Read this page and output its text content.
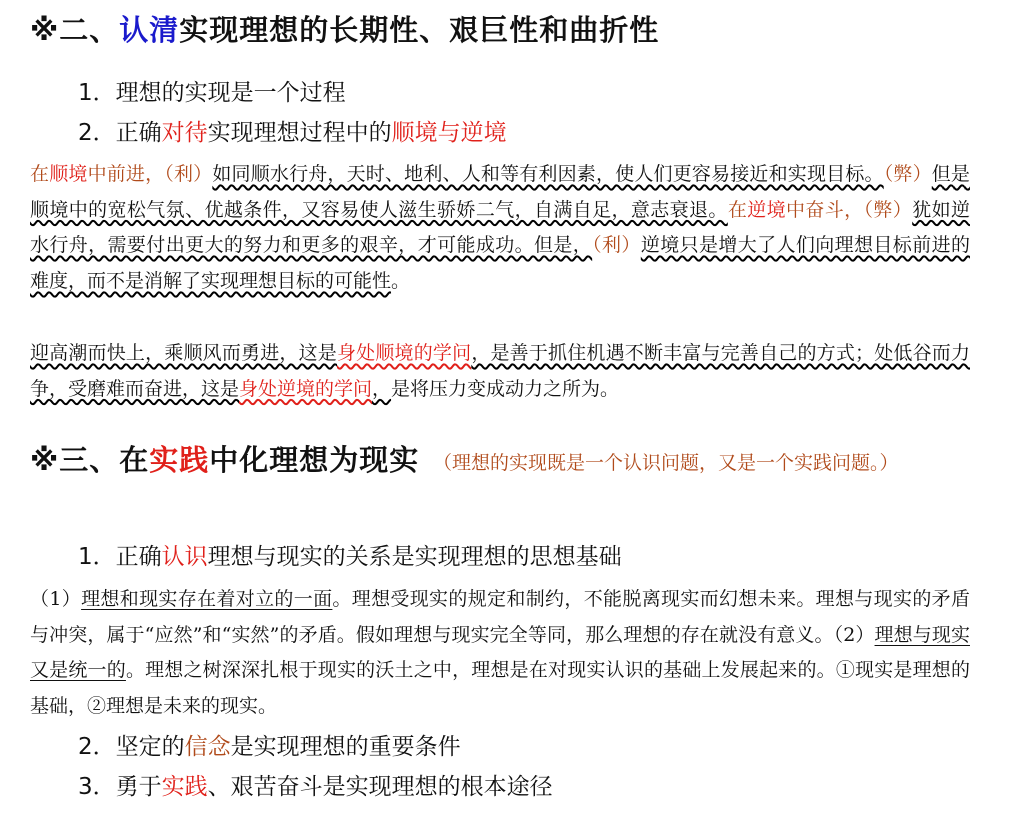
※二、认清实现理想的长期性、艰巨性和曲折性
1．理想的实现是一个过程
2．正确对待实现理想过程中的顺境与逆境
在顺境中前进，（利）如同顺水行舟，天时、地利、人和等有利因素，使人们更容易接近和实现目标。（弊）但是顺境中的宽松气氛、优越条件，又容易使人滋生骄娇二气，自满自足，意志衰退。在逆境中奋斗，（弊）犹如逆水行舟，需要付出更大的努力和更多的艰辛，才可能成功。但是，（利）逆境只是增大了人们向理想目标前进的难度，而不是消解了实现理想目标的可能性。
迎高潮而快上，乘顺风而勇进，这是身处顺境的学问，是善于抓住机遇不断丰富与完善自己的方式；处低谷而力争，受磨难而奋进，这是身处逆境的学问，是将压力变成动力之所为。
※三、在实践中化理想为现实 （理想的实现既是一个认识问题，又是一个实践问题。）
1．正确认识理想与现实的关系是实现理想的思想基础
（1）理想和现实存在着对立的一面。理想受现实的规定和制约，不能脱离现实而幻想未来。理想与现实的矛盾与冲突，属于“应然”和“实然”的矛盾。假如理想与现实完全等同，那么理想的存在就没有意义。（2）理想与现实又是统一的。理想之树深深扎根于现实的沃土之中，理想是在对现实认识的基础上发展起来的。①现实是理想的基础，②理想是未来的现实。
2．坚定的信念是实现理想的重要条件
3．勇于实践、艰苦奋斗是实现理想的根本途径
